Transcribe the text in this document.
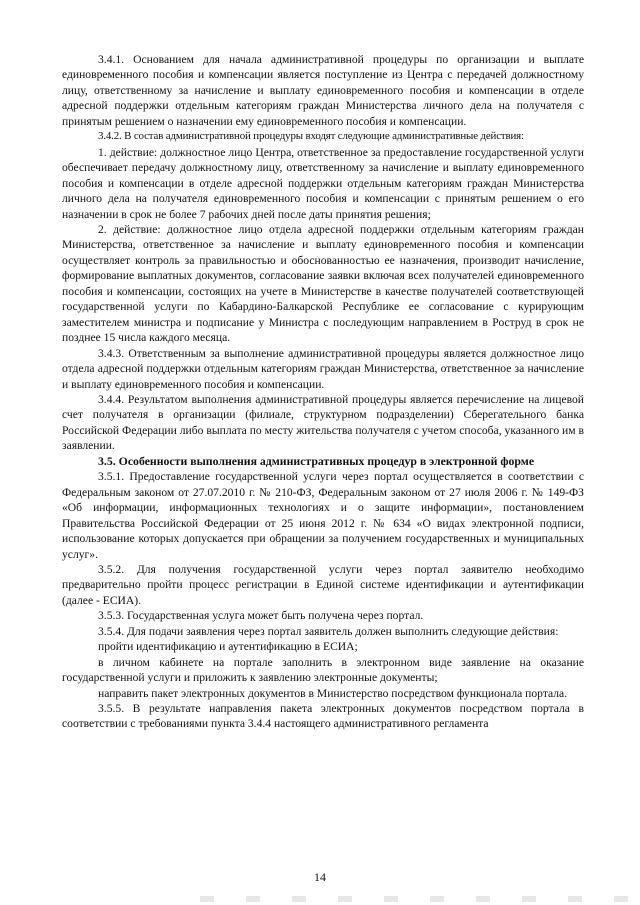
3.4.1. Основанием для начала административной процедуры по организации и выплате единовременного пособия и компенсации является поступление из Центра с передачей должностному лицу, ответственному за начисление и выплату единовременного пособия и компенсации в отделе адресной поддержки отдельным категориям граждан Министерства личного дела на получателя с принятым решением о назначении ему единовременного пособия и компенсации.

3.4.2. В состав административной процедуры входят следующие административные действия:

1. действие: должностное лицо Центра, ответственное за предоставление государственной услуги обеспечивает передачу должностному лицу, ответственному за начисление и выплату единовременного пособия и компенсации в отделе адресной поддержки отдельным категориям граждан Министерства личного дела на получателя единовременного пособия и компенсации с принятым решением о его назначении в срок не более 7 рабочих дней после даты принятия решения;

2. действие: должностное лицо отдела адресной поддержки отдельным категориям граждан Министерства, ответственное за начисление и выплату единовременного пособия и компенсации осуществляет контроль за правильностью и обоснованностью ее назначения, производит начисление, формирование выплатных документов, согласование заявки включая всех получателей единовременного пособия и компенсации, состоящих на учете в Министерстве в качестве получателей соответствующей государственной услуги по Кабардино-Балкарской Республике ее согласование с курирующим заместителем министра и подписание у Министра с последующим направлением в Роструд в срок не позднее 15 числа каждого месяца.

3.4.3. Ответственным за выполнение административной процедуры является должностное лицо отдела адресной поддержки отдельным категориям граждан Министерства, ответственное за начисление и выплату единовременного пособия и компенсации.

3.4.4. Результатом выполнения административной процедуры является перечисление на лицевой счет получателя в организации (филиале, структурном подразделении) Сберегательного банка Российской Федерации либо выплата по месту жительства получателя с учетом способа, указанного им в заявлении.

3.5. Особенности выполнения административных процедур в электронной форме

3.5.1. Предоставление государственной услуги через портал осуществляется в соответствии с Федеральным законом от 27.07.2010 г. № 210-ФЗ, Федеральным законом от 27 июля 2006 г. № 149-ФЗ «Об информации, информационных технологиях и о защите информации», постановлением Правительства Российской Федерации от 25 июня 2012 г. № 634 «О видах электронной подписи, использование которых допускается при обращении за получением государственных и муниципальных услуг».

3.5.2. Для получения государственной услуги через портал заявителю необходимо предварительно пройти процесс регистрации в Единой системе идентификации и аутентификации (далее - ЕСИА).

3.5.3. Государственная услуга может быть получена через портал.

3.5.4. Для подачи заявления через портал заявитель должен выполнить следующие действия:

пройти идентификацию и аутентификацию в ЕСИА;

в личном кабинете на портале заполнить в электронном виде заявление на оказание государственной услуги и приложить к заявлению электронные документы;

направить пакет электронных документов в Министерство посредством функционала портала.

3.5.5. В результате направления пакета электронных документов посредством портала в соответствии с требованиями пункта 3.4.4 настоящего административного регламента

14
